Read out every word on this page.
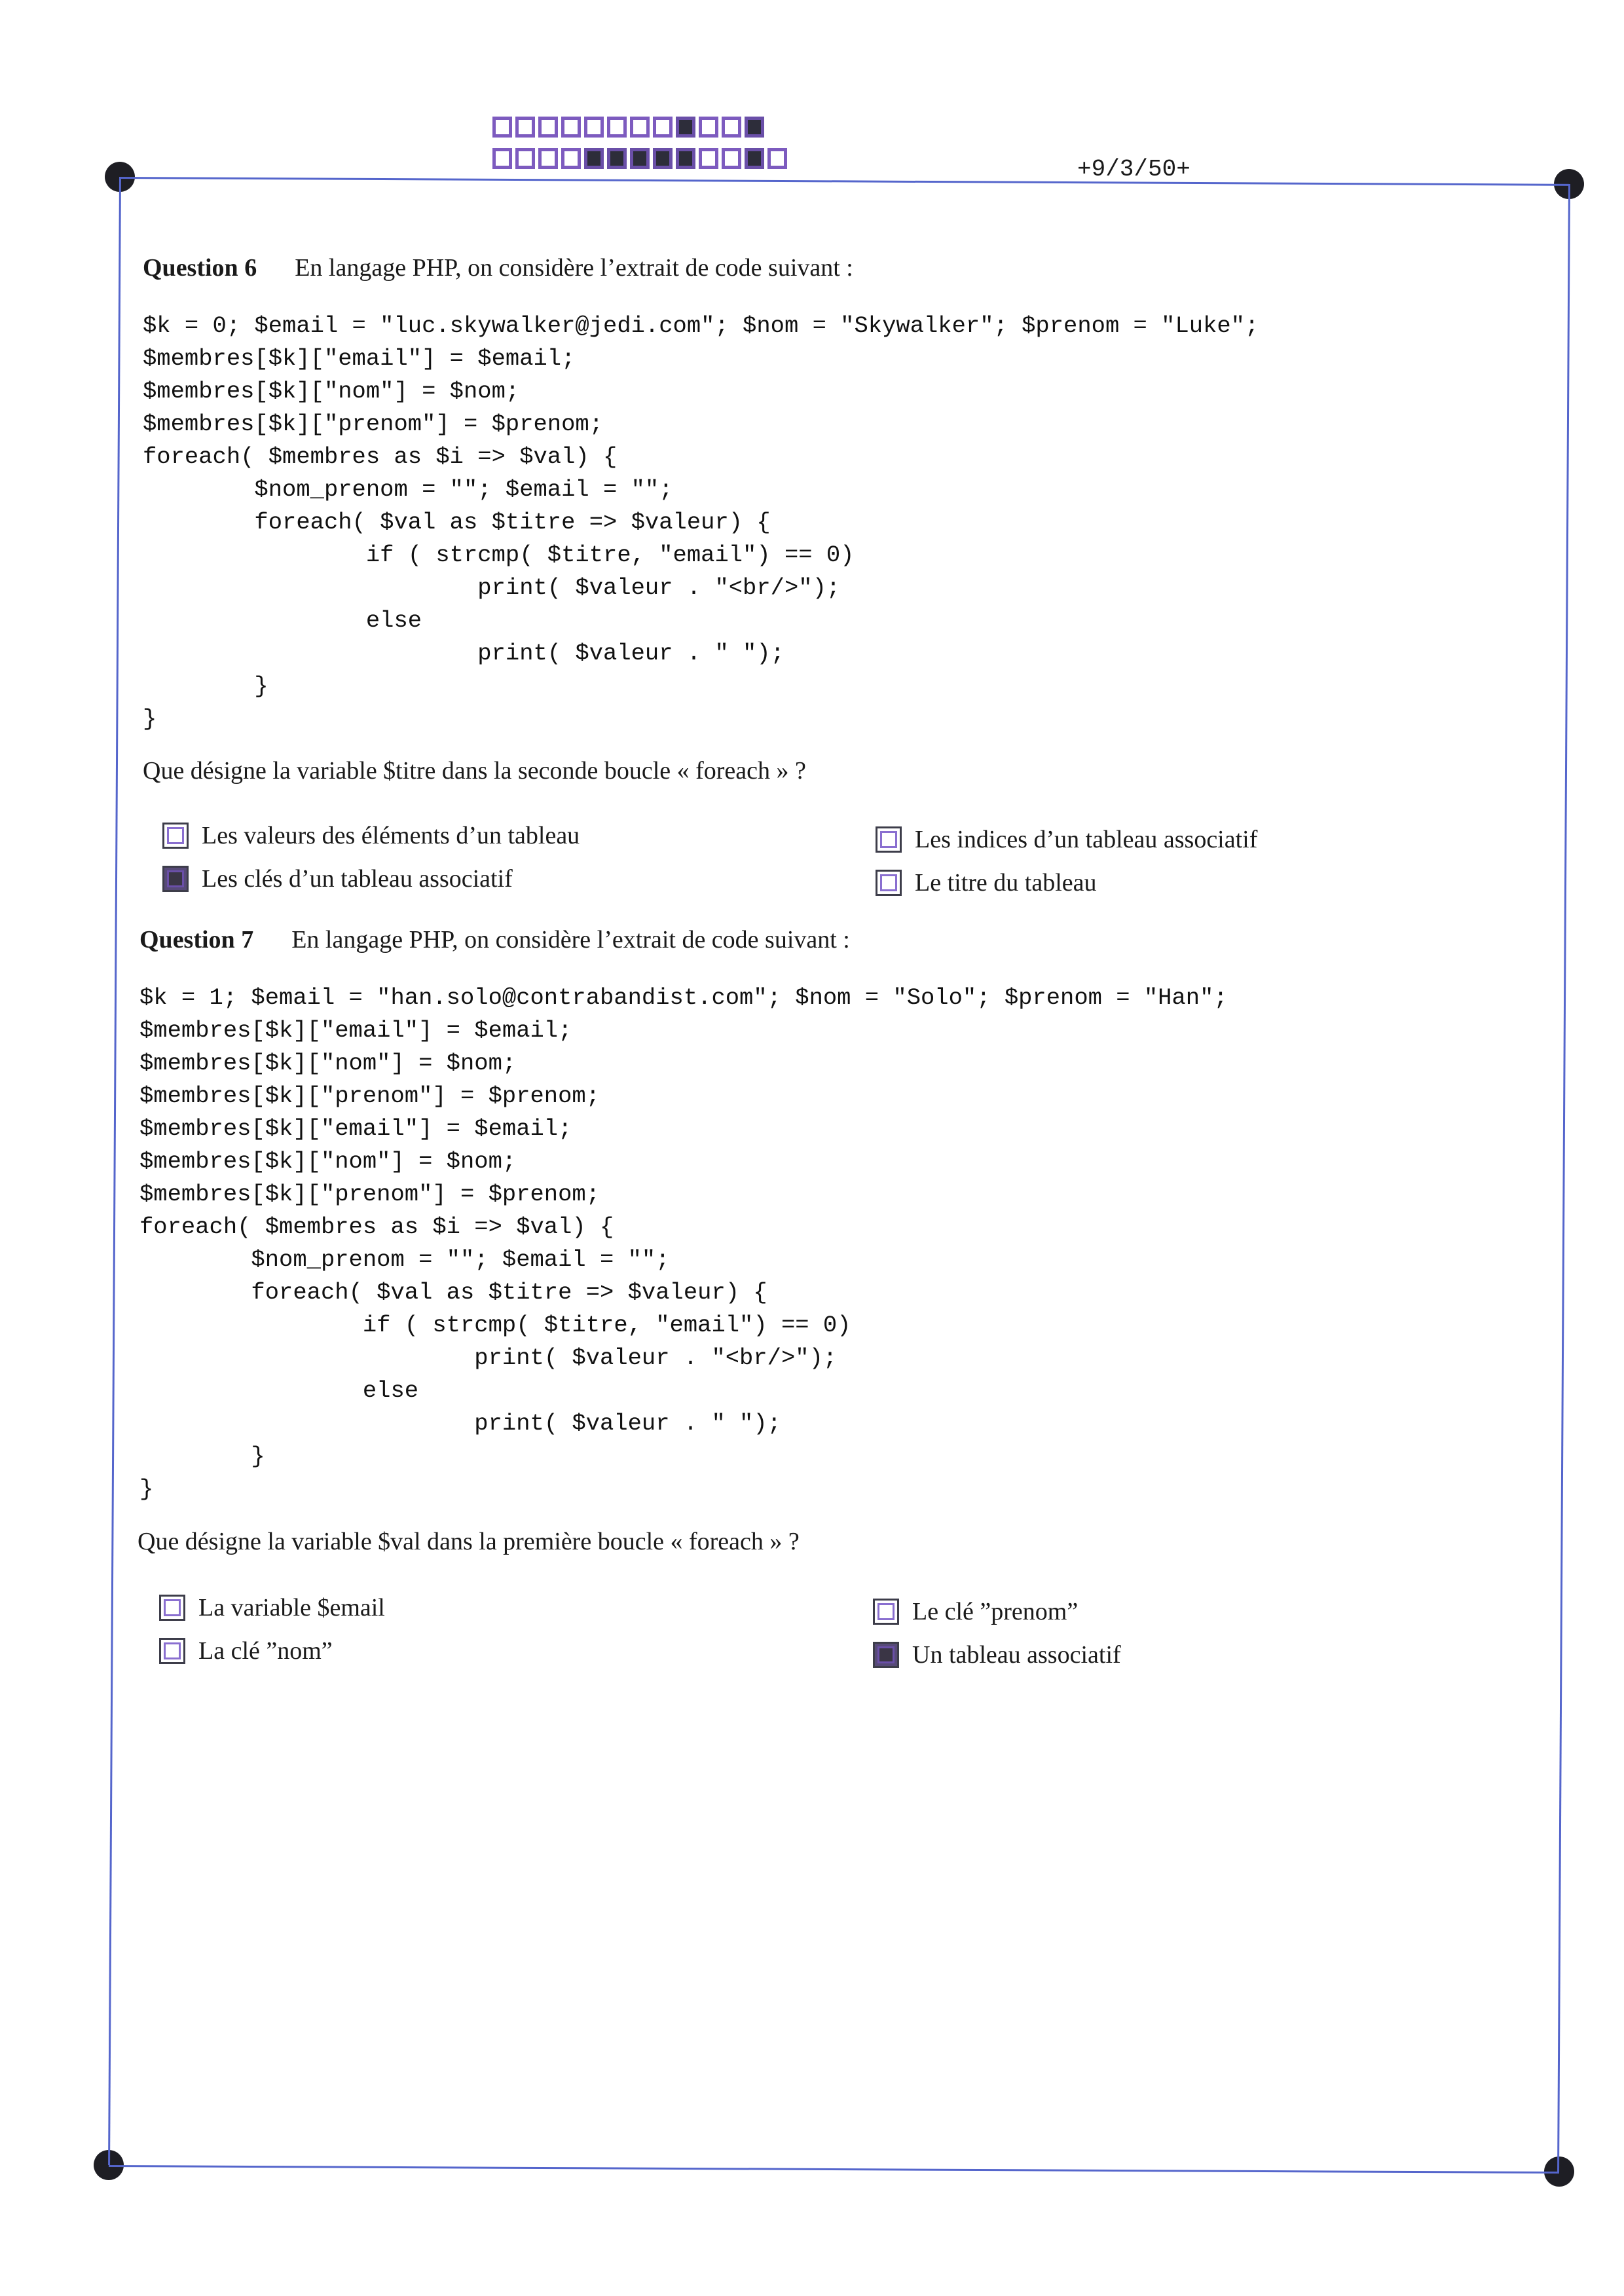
+9/3/50+
Question 6 En langage PHP, on considère l’extrait de code suivant :
$k = 0; $email = "luc.skywalker@jedi.com"; $nom = "Skywalker"; $prenom = "Luke";
$membres[$k]["email"] = $email;
$membres[$k]["nom"] = $nom;
$membres[$k]["prenom"] = $prenom;
foreach( $membres as $i => $val) {
$nom_prenom = ""; $email = "";
foreach( $val as $titre => $valeur) {
if ( strcmp( $titre, "email") == 0)
print( $valeur . "<br/>");
else
print( $valeur . " ");
}
}
Que désigne la variable $titre dans la seconde boucle « foreach » ?
Les valeurs des éléments d’un tableau
Les clés d’un tableau associatif
Les indices d’un tableau associatif
Le titre du tableau
Question 7 En langage PHP, on considère l’extrait de code suivant :
$k = 1; $email = "han.solo@contrabandist.com"; $nom = "Solo"; $prenom = "Han";
$membres[$k]["email"] = $email;
$membres[$k]["nom"] = $nom;
$membres[$k]["prenom"] = $prenom;
$membres[$k]["email"] = $email;
$membres[$k]["nom"] = $nom;
$membres[$k]["prenom"] = $prenom;
foreach( $membres as $i => $val) {
$nom_prenom = ""; $email = "";
foreach( $val as $titre => $valeur) {
if ( strcmp( $titre, "email") == 0)
print( $valeur . "<br/>");
else
print( $valeur . " ");
}
}
Que désigne la variable $val dans la première boucle « foreach » ?
La variable $email
La clé ”nom”
Le clé ”prenom”
Un tableau associatif
